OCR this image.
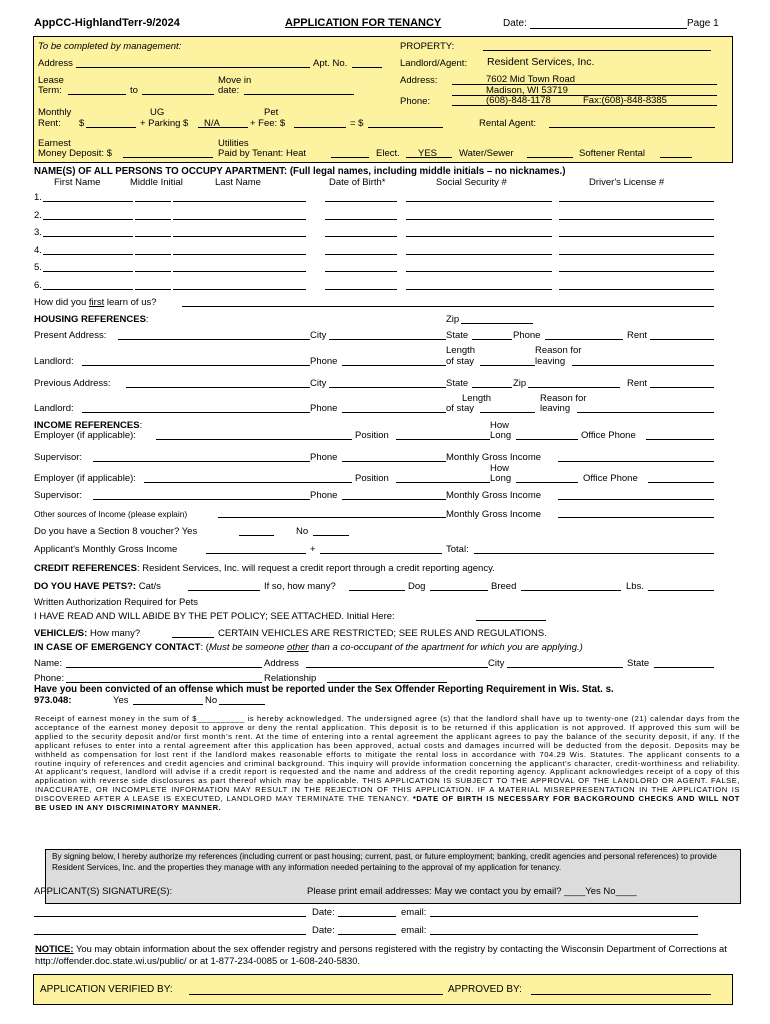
AppCC-HighlandTerr-9/2024	APPLICATION FOR TENANCY	Date:	Page 1
To be completed by management:
Address	Apt. No.
Lease
Term:	to
Move in
date:
Monthly
Rent: $
UG
+ Parking $ N/A
Pet
+ Fee: $	= $
Earnest
Money Deposit: $
Utilities
Paid by Tenant: Heat	Elect. YES Water/Sewer	Softener Rental
PROPERTY:
Landlord/Agent: Resident Services, Inc.
Address:	7602 Mid Town Road
Madison, WI 53719
Phone:	(608)-848-1178	Fax:(608)-848-8385
Rental Agent:
NAME(S) OF ALL PERSONS TO OCCUPY APARTMENT: (Full legal names, including middle initials – no nicknames.)
First Name	Middle Initial	Last Name	Date of Birth*	Social Security #	Driver's License #
1.
2.
3.
4.
5.
6.
How did you first learn of us?
HOUSING REFERENCES:	Zip
Present Address:	City	State	Phone	Rent
Length	Reason for
Landlord:	Phone	of stay	leaving
Previous Address:	City	State	Zip	Rent
Length	Reason for
Landlord:	Phone	of stay	leaving
INCOME REFERENCES:	How
Employer (if applicable):	Position	Long	Office Phone
Supervisor:	Phone	Monthly Gross Income
How
Employer (if applicable):	Position	Long	Office Phone
Supervisor:	Phone	Monthly Gross Income
Other sources of Income (please explain)	Monthly Gross Income
Do you have a Section 8 voucher? Yes	No
Applicant's Monthly Gross Income	+	Total:
CREDIT REFERENCES: Resident Services, Inc. will request a credit report through a credit reporting agency.
DO YOU HAVE PETS?: Cat/s	If so, how many?	Dog	Breed	Lbs.
Written Authorization Required for Pets
I HAVE READ AND WILL ABIDE BY THE PET POLICY; SEE ATTACHED. Initial Here:
VEHICLE/S: How many?	CERTAIN VEHICLES ARE RESTRICTED; SEE RULES AND REGULATIONS.
IN CASE OF EMERGENCY CONTACT: (Must be someone other than a co-occupant of the apartment for which you are applying.)
Name:	Address	City	State
Phone:	Relationship
Have you been convicted of an offense which must be reported under the Sex Offender Reporting Requirement in Wis. Stat. s.
973.048:	Yes	No
Receipt of earnest money in the sum of $__________ is hereby acknowledged. The undersigned agree (s) that the landlord shall have up to twenty-one (21) calendar days from the acceptance of the earnest money deposit to approve or deny the rental application. This deposit is to be returned if this application is not approved. If approved this sum will be applied to the security deposit and/or first month's rent. At the time of entering into a rental agreement the applicant agrees to pay the balance of the security deposit, if any. If the applicant refuses to enter into a rental agreement after this application has been approved, actual costs and damages incurred will be deducted from the deposit. Deposits may be withheld as compensation for lost rent if the landlord makes reasonable efforts to mitigate the rental loss in accordance with 704.29 Wis. Statutes. The applicant consents to a routine inquiry of references and credit agencies and criminal background. This inquiry will provide information concerning the applicant's character, credit-worthiness and reliability. At applicant's request, landlord will advise if a credit report is requested and the name and address of the credit reporting agency. Applicant acknowledges receipt of a copy of this application with reverse side disclosures as part thereof which may be applicable. THIS APPLICATION IS SUBJECT TO THE APPROVAL OF THE LANDLORD OR AGENT. FALSE, INACCURATE, OR INCOMPLETE INFORMATION MAY RESULT IN THE REJECTION OF THIS APPLICATION. IF A MATERIAL MISREPRESENTATION IN THE APPLICATION IS DISCOVERED AFTER A LEASE IS EXECUTED, LANDLORD MAY TERMINATE THE TENANCY. *DATE OF BIRTH IS NECESSARY FOR BACKGROUND CHECKS AND WILL NOT BE USED IN ANY DISCRIMINATORY MANNER.
By signing below, I hereby authorize my references (including current or past housing; current, past, or future employment; banking, credit agencies and personal references) to provide Resident Services, Inc. and the properties they manage with any information needed pertaining to the approval of my application for tenancy.
APPLICANT(S) SIGNATURE(S):	Please print email addresses: May we contact you by email? ____Yes No____
Date:	email:
Date:	email:
NOTICE: You may obtain information about the sex offender registry and persons registered with the registry by contacting the Wisconsin Department of Corrections at http://offender.doc.state.wi.us/public/ or at 1-877-234-0085 or 1-608-240-5830.
APPLICATION VERIFIED BY:	APPROVED BY:
